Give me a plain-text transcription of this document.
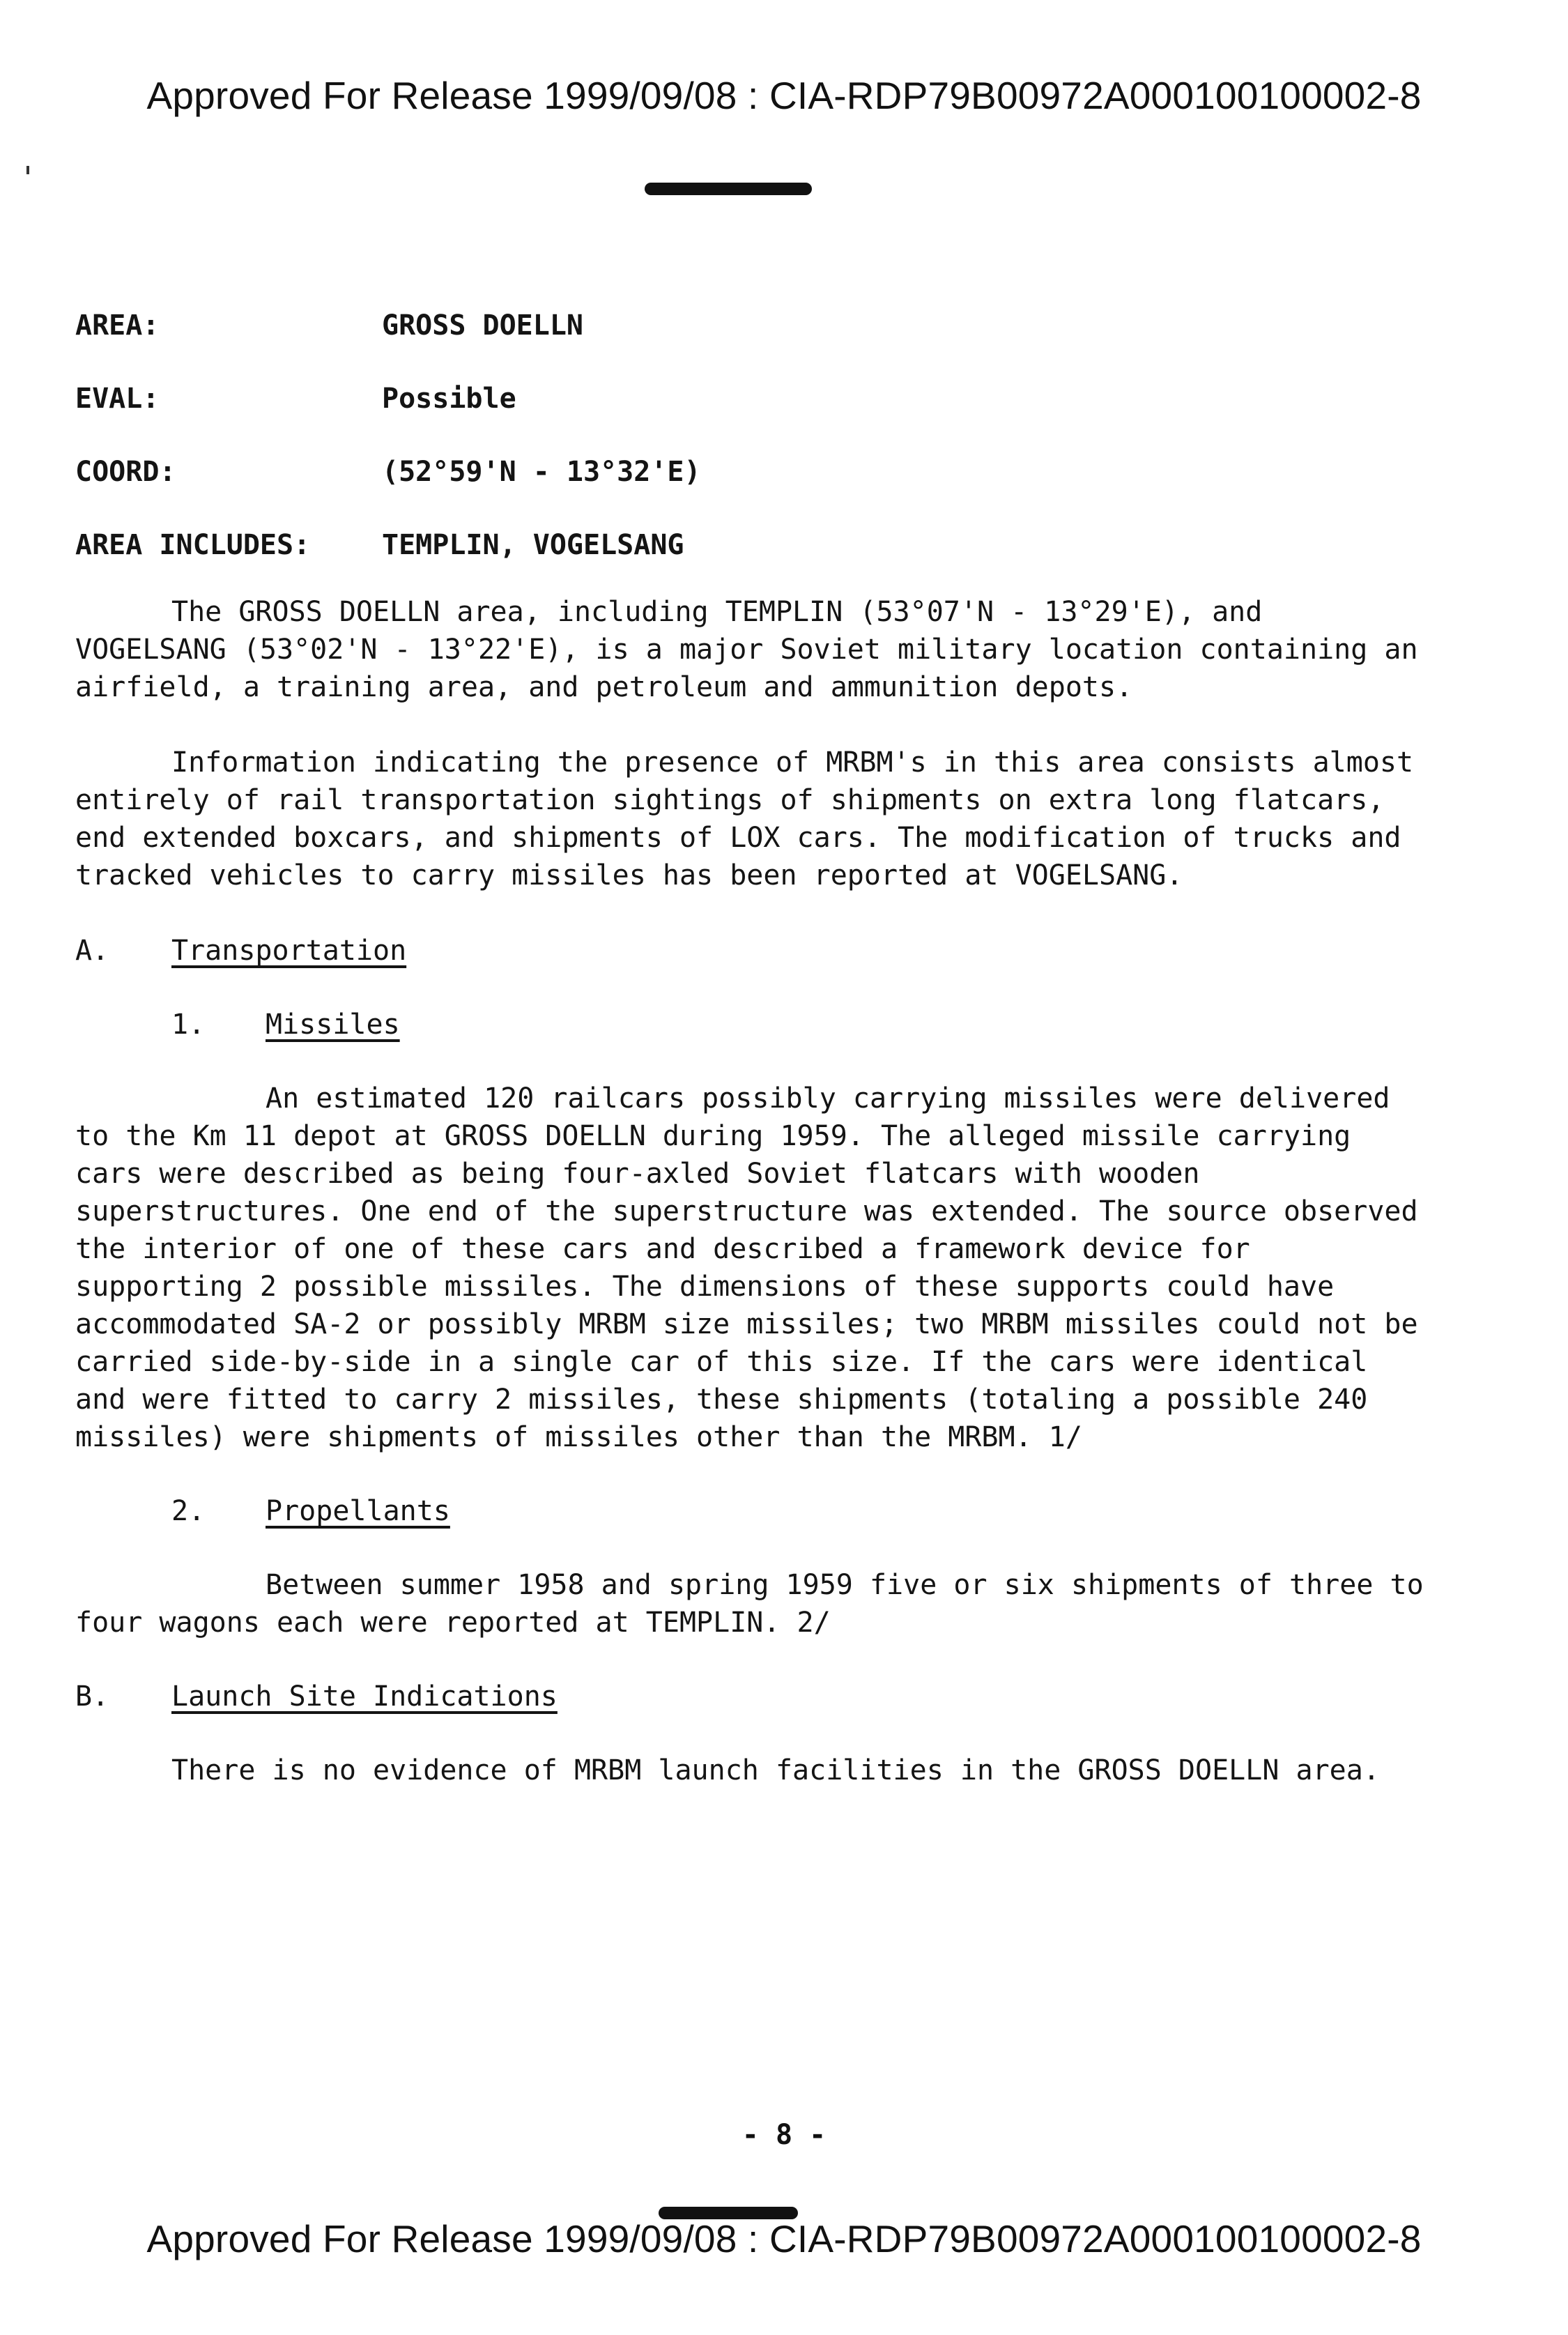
Approved For Release 1999/09/08 : CIA-RDP79B00972A000100100002-8
AREA:	GROSS DOELLN
EVAL:	Possible
COORD:	(52°59'N - 13°32'E)
AREA INCLUDES:	TEMPLIN, VOGELSANG

The GROSS DOELLN area, including TEMPLIN (53°07'N - 13°29'E), and VOGELSANG (53°02'N - 13°22'E), is a major Soviet military location containing an airfield, a training area, and petroleum and ammunition depots.

Information indicating the presence of MRBM's in this area consists almost entirely of rail transportation sightings of shipments on extra long flatcars, end extended boxcars, and shipments of LOX cars. The modification of trucks and tracked vehicles to carry missiles has been reported at VOGELSANG.

A.	Transportation
1.	Missiles

An estimated 120 railcars possibly carrying missiles were delivered to the Km 11 depot at GROSS DOELLN during 1959. The alleged missile carrying cars were described as being four-axled Soviet flatcars with wooden superstructures. One end of the superstructure was extended. The source observed the interior of one of these cars and described a framework device for supporting 2 possible missiles. The dimensions of these supports could have accommodated SA-2 or possibly MRBM size missiles; two MRBM missiles could not be carried side-by-side in a single car of this size. If the cars were identical and were fitted to carry 2 missiles, these shipments (totaling a possible 240 missiles) were shipments of missiles other than the MRBM. 1/

2.	Propellants

Between summer 1958 and spring 1959 five or six shipments of three to four wagons each were reported at TEMPLIN. 2/

B.	Launch Site Indications

There is no evidence of MRBM launch facilities in the GROSS DOELLN area.

- 8 -
Approved For Release 1999/09/08 : CIA-RDP79B00972A000100100002-8
